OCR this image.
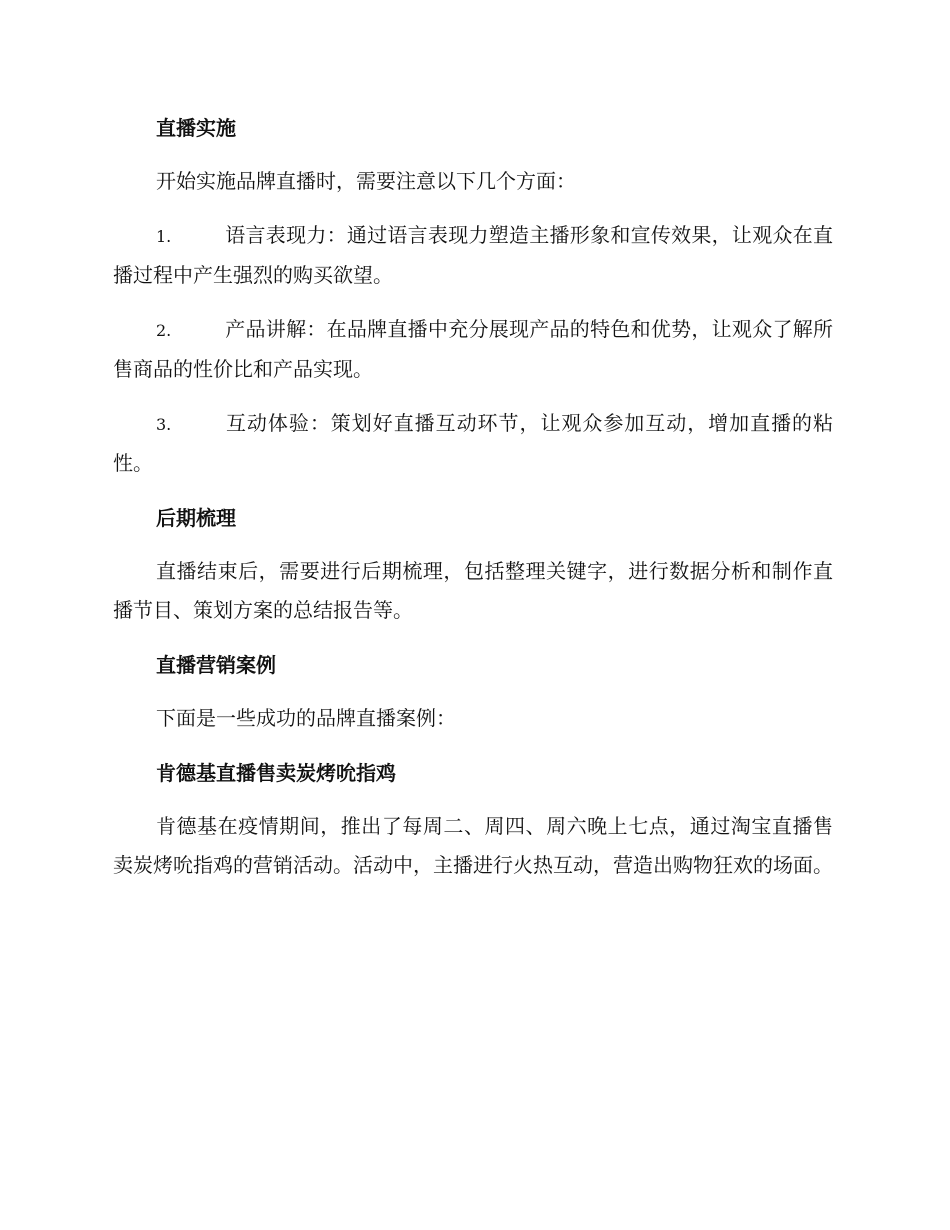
直播实施

开始实施品牌直播时，需要注意以下几个方面：

1.	语言表现力：通过语言表现力塑造主播形象和宣传效果，让观众在直播过程中产生强烈的购买欲望。

2.	产品讲解：在品牌直播中充分展现产品的特色和优势，让观众了解所售商品的性价比和产品实现。

3.	互动体验：策划好直播互动环节，让观众参加互动，增加直播的粘性。

后期梳理

直播结束后，需要进行后期梳理，包括整理关键字，进行数据分析和制作直播节目、策划方案的总结报告等。

直播营销案例

下面是一些成功的品牌直播案例：

肯德基直播售卖炭烤吮指鸡

肯德基在疫情期间，推出了每周二、周四、周六晚上七点，通过淘宝直播售卖炭烤吮指鸡的营销活动。活动中，主播进行火热互动，营造出购物狂欢的场面。
